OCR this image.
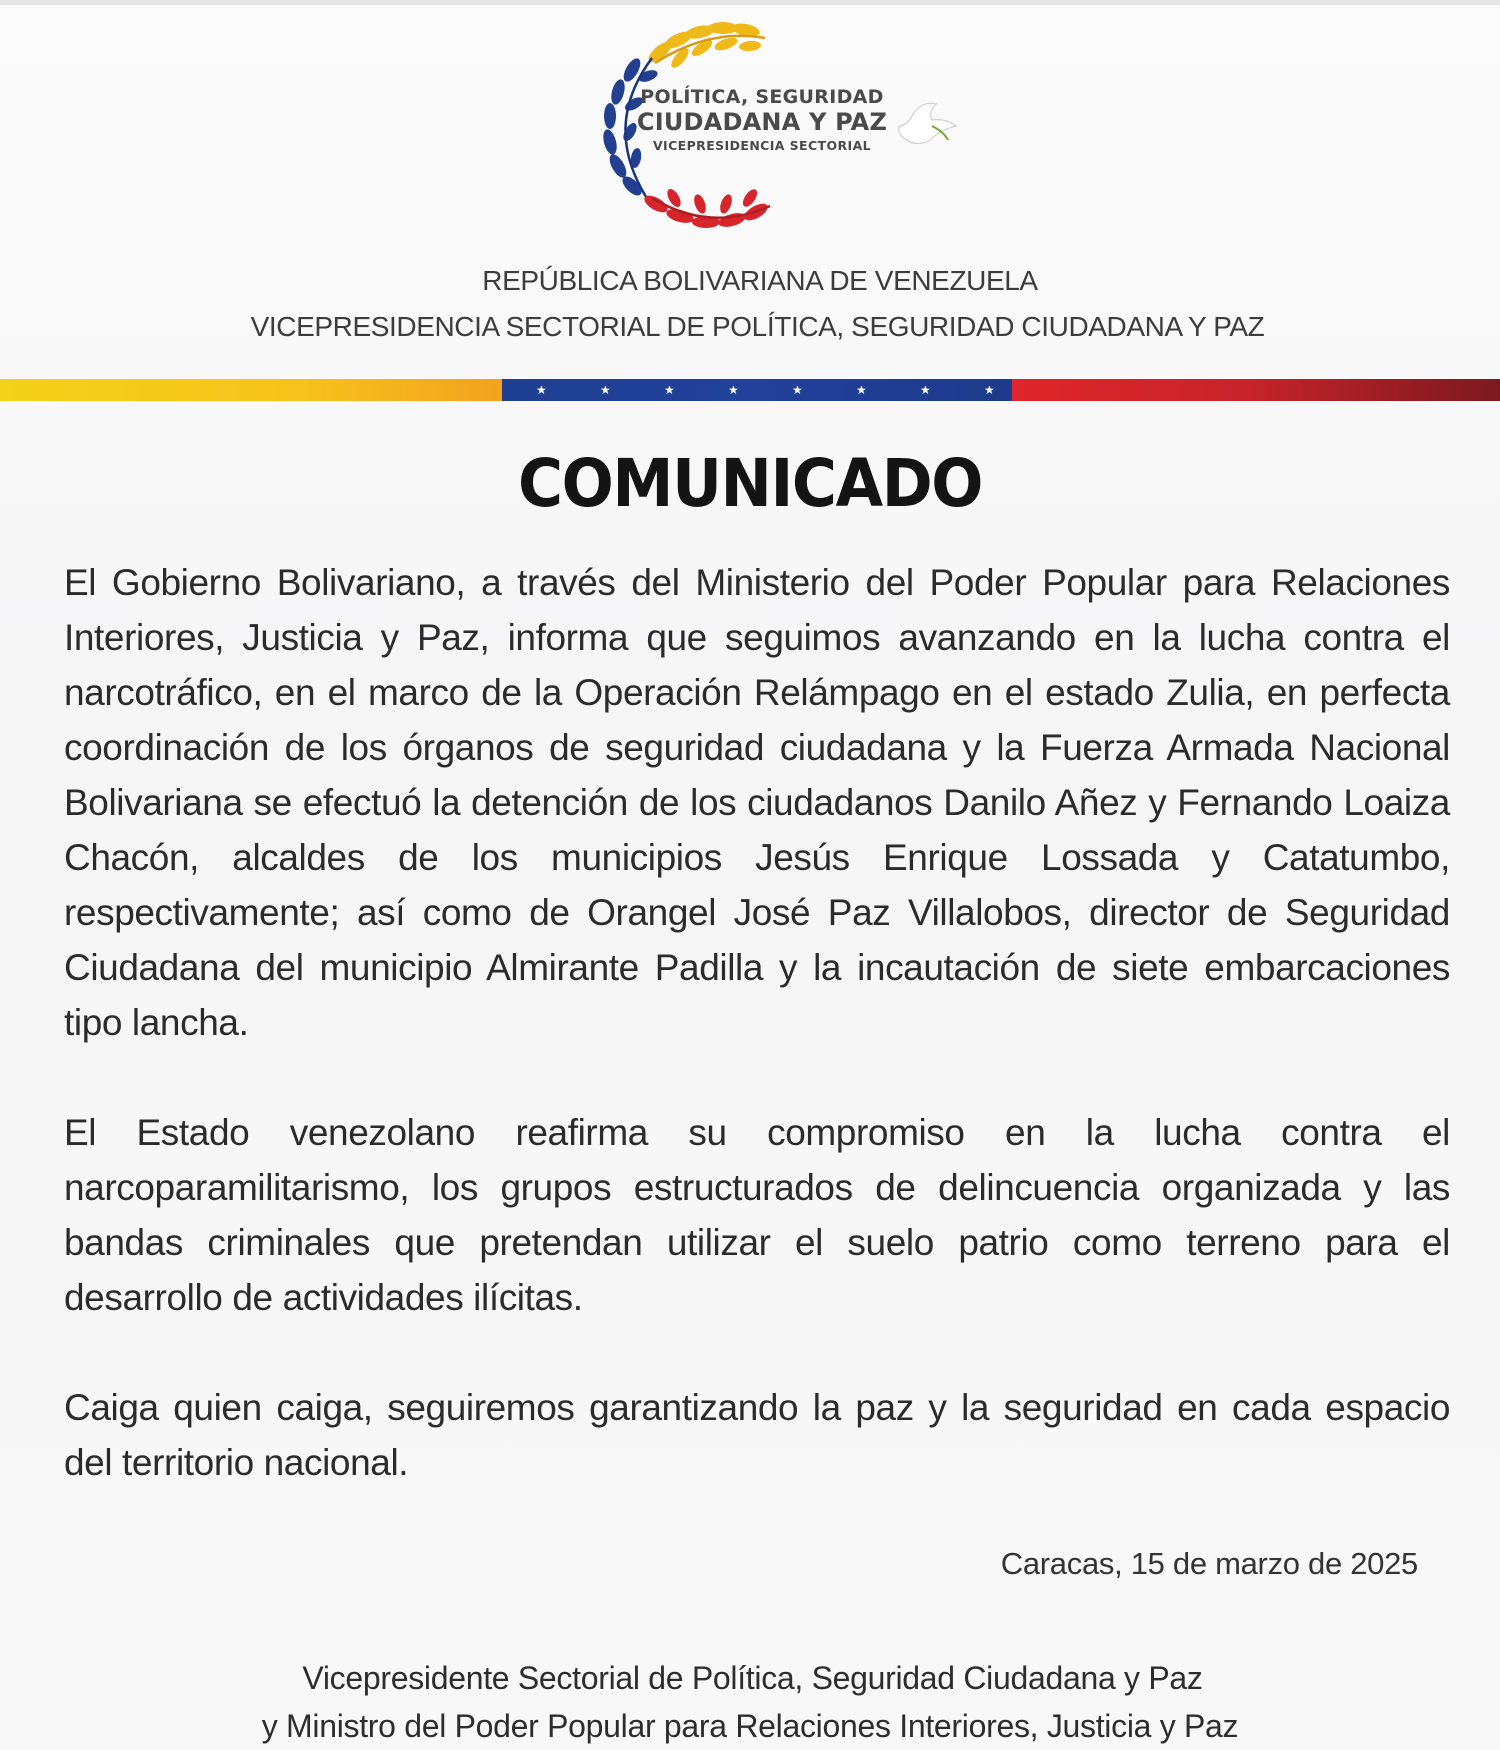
POLÍTICA, SEGURIDAD
CIUDADANA Y PAZ
VICEPRESIDENCIA SECTORIAL
REPÚBLICA BOLIVARIANA DE VENEZUELA
VICEPRESIDENCIA SECTORIAL DE POLÍTICA, SEGURIDAD CIUDADANA Y PAZ
★	★	★	★	★	★	★	★
COMUNICADO

El Gobierno Bolivariano, a través del Ministerio del Poder Popular para Relaciones Interiores, Justicia y Paz, informa que seguimos avanzando en la lucha contra el narcotráfico, en el marco de la Operación Relámpago en el estado Zulia, en perfecta coordinación de los órganos de seguridad ciudadana y la Fuerza Armada Nacional Bolivariana se efectuó la detención de los ciudadanos Danilo Añez y Fernando Loaiza Chacón, alcaldes de los municipios Jesús Enrique Lossada y Catatumbo, respectivamente; así como de Orangel José Paz Villalobos, director de Seguridad Ciudadana del municipio Almirante Padilla y la incautación de siete embarcaciones tipo lancha.

El Estado venezolano reafirma su compromiso en la lucha contra el narcoparamilitarismo, los grupos estructurados de delincuencia organizada y las bandas criminales que pretendan utilizar el suelo patrio como terreno para el desarrollo de actividades ilícitas.

Caiga quien caiga, seguiremos garantizando la paz y la seguridad en cada espacio del territorio nacional.

Caracas, 15 de marzo de 2025
Vicepresidente Sectorial de Política, Seguridad Ciudadana y Paz
y Ministro del Poder Popular para Relaciones Interiores, Justicia y Paz
